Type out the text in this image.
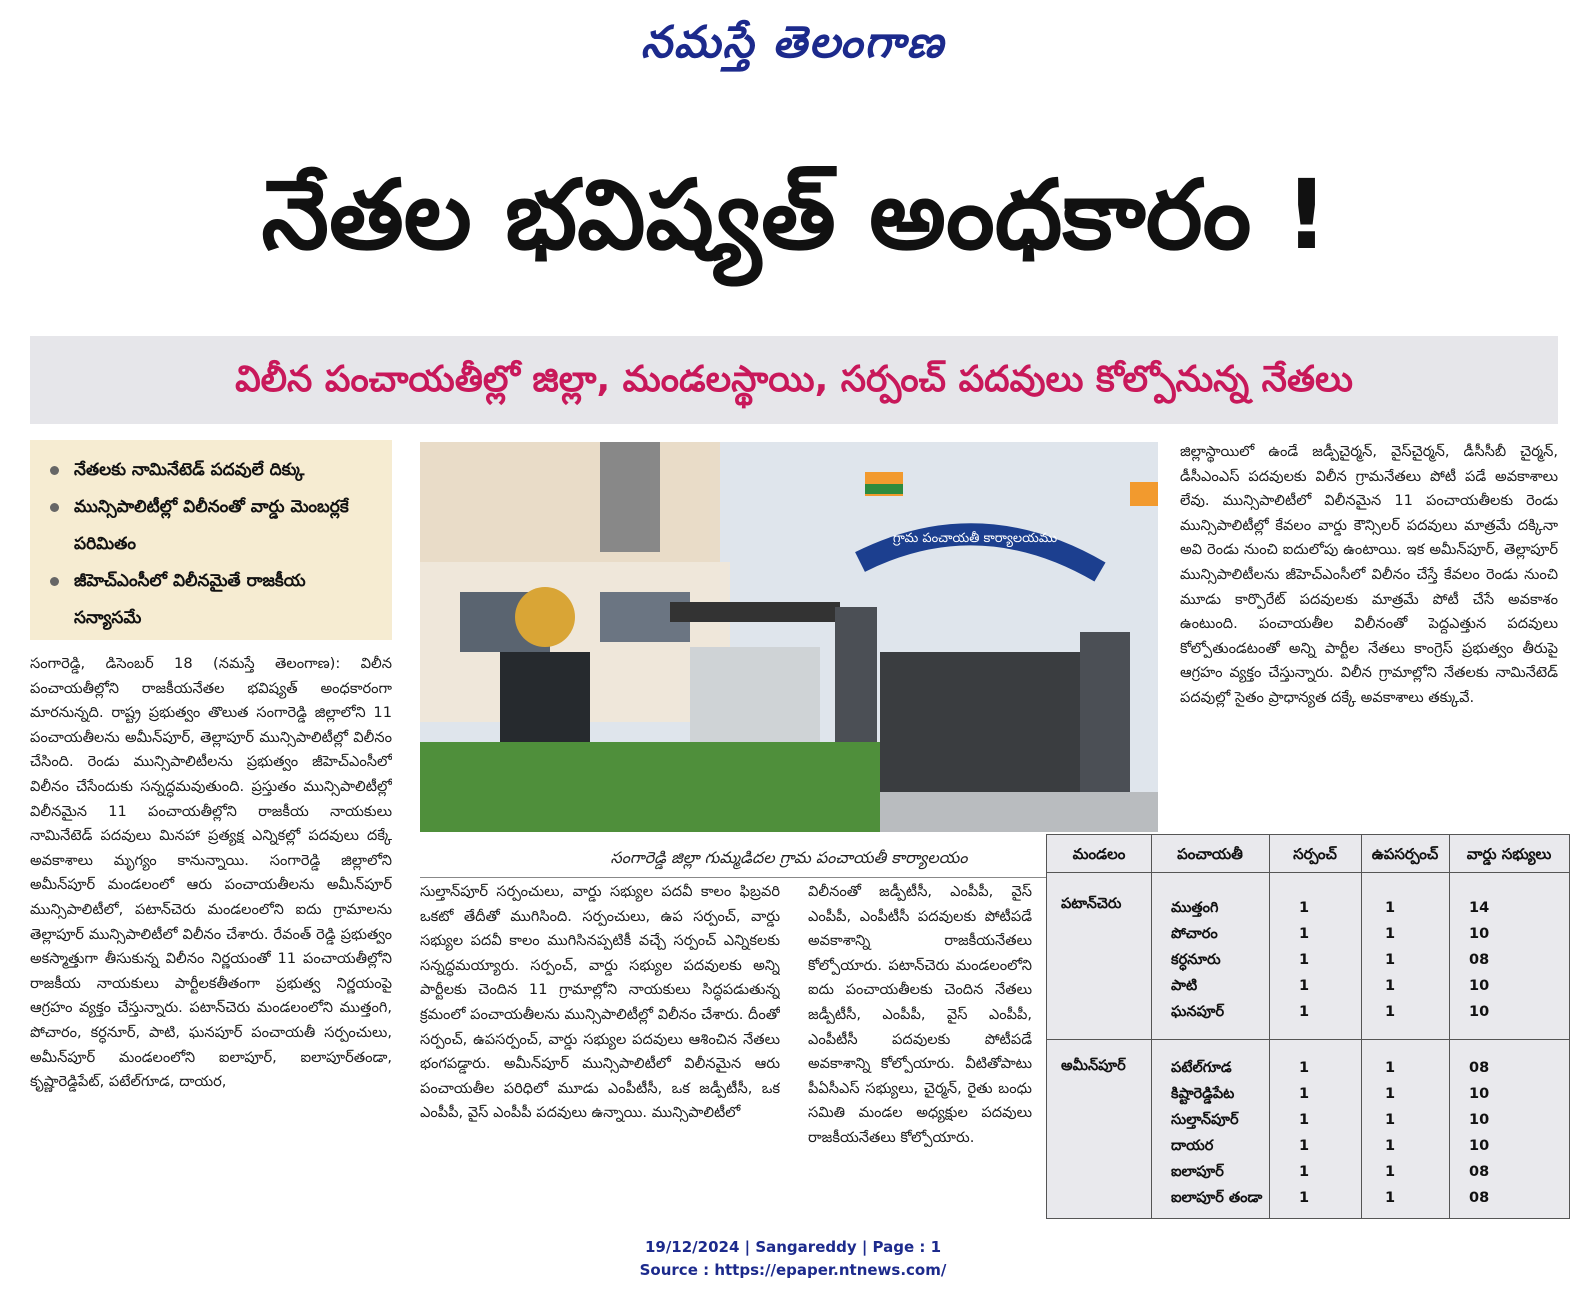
నమస్తే తెలంగాణ
నేతల భవిష్యత్ అంధకారం !
విలీన పంచాయతీల్లో జిల్లా, మండలస్థాయి, సర్పంచ్ పదవులు కోల్పోనున్న నేతలు
నేతలకు నామినేటెడ్ పదవులే దిక్కు
మున్సిపాలిటీల్లో విలీనంతో వార్డు మెంబర్లకే పరిమితం
జీహెచ్ఎంసీలో విలీనమైతే రాజకీయ సన్యాసమే

సంగారెడ్డి, డిసెంబర్ 18 (నమస్తే తెలంగాణ): విలీన పంచాయతీల్లోని రాజకీయనేతల భవిష్యత్ అంధకారంగా మారనున్నది. రాష్ట్ర ప్రభుత్వం తొలుత సంగారెడ్డి జిల్లాలోని 11 పంచాయతీలను అమీన్‌పూర్, తెల్లాపూర్ మున్సిపాలిటీల్లో విలీనం చేసింది. రెండు మున్సిపాలిటీలను ప్రభుత్వం జీహెచ్ఎంసీలో విలీనం చేసేందుకు సన్నద్ధమవుతుంది. ప్రస్తుతం మున్సిపాలిటీల్లో విలీనమైన 11 పంచాయతీల్లోని రాజకీయ నాయకులు నామినేటెడ్ పదవులు మినహా ప్రత్యక్ష ఎన్నికల్లో పదవులు దక్కే అవకాశాలు మృగ్యం కానున్నాయి. సంగారెడ్డి జిల్లాలోని అమీన్‌పూర్ మండలంలో ఆరు పంచాయతీలను అమీన్‌పూర్ మున్సిపాలిటీలో, పటాన్‌చెరు మండలంలోని ఐదు గ్రామాలను తెల్లాపూర్ మున్సిపాలిటీలో విలీనం చేశారు. రేవంత్ రెడ్డి ప్రభుత్వం అకస్మాత్తుగా తీసుకున్న విలీనం నిర్ణయంతో 11 పంచాయతీల్లోని రాజకీయ నాయకులు పార్టీలకతీతంగా ప్రభుత్వ నిర్ణయంపై ఆగ్రహం వ్యక్తం చేస్తున్నారు. పటాన్‌చెరు మండలంలోని ముత్తంగి, పోచారం, కర్ధనూర్, పాటి, ఘనపూర్ పంచాయతీ సర్పంచులు, అమీన్‌పూర్ మండలంలోని ఐలాపూర్, ఐలాపూర్‌తండా, కృష్ణారెడ్డిపేట్, పటేల్‌గూడ, దాయర,

గ్రామ పంచాయతీ కార్యాలయము
సంగారెడ్డి జిల్లా గుమ్మడిదల గ్రామ పంచాయతీ కార్యాలయం

సుల్తాన్‌పూర్ సర్పంచులు, వార్డు సభ్యుల పదవీ కాలం ఫిబ్రవరి ఒకటో తేదీతో ముగిసింది. సర్పంచులు, ఉప సర్పంచ్, వార్డు సభ్యుల పదవీ కాలం ముగిసినప్పటికీ వచ్చే సర్పంచ్ ఎన్నికలకు సన్నద్ధమయ్యారు. సర్పంచ్, వార్డు సభ్యుల పదవులకు అన్ని పార్టీలకు చెందిన 11 గ్రామాల్లోని నాయకులు సిద్ధపడుతున్న క్రమంలో పంచాయతీలను మున్సిపాలిటీల్లో విలీనం చేశారు. దీంతో సర్పంచ్, ఉపసర్పంచ్, వార్డు సభ్యుల పదవులు ఆశించిన నేతలు భంగపడ్డారు. అమీన్‌పూర్ మున్సిపాలిటీలో విలీనమైన ఆరు పంచాయతీల పరిధిలో మూడు ఎంపీటీసీ, ఒక జడ్పీటీసీ, ఒక ఎంపీపీ, వైస్ ఎంపీపీ పదవులు ఉన్నాయి. మున్సిపాలిటీలో

విలీనంతో జడ్పీటీసీ, ఎంపీపీ, వైస్ ఎంపీపీ, ఎంపీటీసీ పదవులకు పోటీపడే అవకాశాన్ని రాజకీయనేతలు కోల్పోయారు. పటాన్‌చెరు మండలంలోని ఐదు పంచాయతీలకు చెందిన నేతలు జడ్పీటీసీ, ఎంపీపీ, వైస్ ఎంపీపీ, ఎంపీటీసీ పదవులకు పోటీపడే అవకాశాన్ని కోల్పోయారు. వీటితోపాటు పీఏసీఎస్ సభ్యులు, చైర్మన్, రైతు బంధు సమితి మండల అధ్యక్షుల పదవులు రాజకీయనేతలు కోల్పోయారు.

జిల్లాస్థాయిలో ఉండే జడ్పీచైర్మన్, వైస్‌చైర్మన్, డీసీసీబీ చైర్మన్, డీసీఎంఎస్ పదవులకు విలీన గ్రామనేతలు పోటీ పడే అవకాశాలు లేవు. మున్సిపాలిటీలో విలీనమైన 11 పంచాయతీలకు రెండు మున్సిపాలిటీల్లో కేవలం వార్డు కౌన్సిలర్ పదవులు మాత్రమే దక్కినా అవి రెండు నుంచి ఐదులోపు ఉంటాయి. ఇక అమీన్‌పూర్, తెల్లాపూర్ మున్సిపాలిటీలను జీహెచ్ఎంసీలో విలీనం చేస్తే కేవలం రెండు నుంచి మూడు కార్పొరేట్ పదవులకు మాత్రమే పోటీ చేసే అవకాశం ఉంటుంది. పంచాయతీల విలీనంతో పెద్దఎత్తున పదవులు కోల్పోతుండటంతో అన్ని పార్టీల నేతలు కాంగ్రెస్ ప్రభుత్వం తీరుపై ఆగ్రహం వ్యక్తం చేస్తున్నారు. విలీన గ్రామాల్లోని నేతలకు నామినేటెడ్ పదవుల్లో సైతం ప్రాధాన్యత దక్కే అవకాశాలు తక్కువే.

మండలం	పంచాయతీ	సర్పంచ్	ఉపసర్పంచ్	వార్డు సభ్యులు
పటాన్‌చెరు	ముత్తంగి	1	1	14
పోచారం	1	1	10
కర్ధనూరు	1	1	08
పాటి	1	1	10
ఘనపూర్	1	1	10
అమీన్‌పూర్	పటేల్‌గూడ	1	1	08
కిష్టారెడ్డిపేట	1	1	10
సుల్తాన్‌పూర్	1	1	10
దాయర	1	1	10
ఐలాపూర్	1	1	08
ఐలాపూర్ తండా	1	1	08
19/12/2024 | Sangareddy | Page : 1
Source : https://epaper.ntnews.com/
